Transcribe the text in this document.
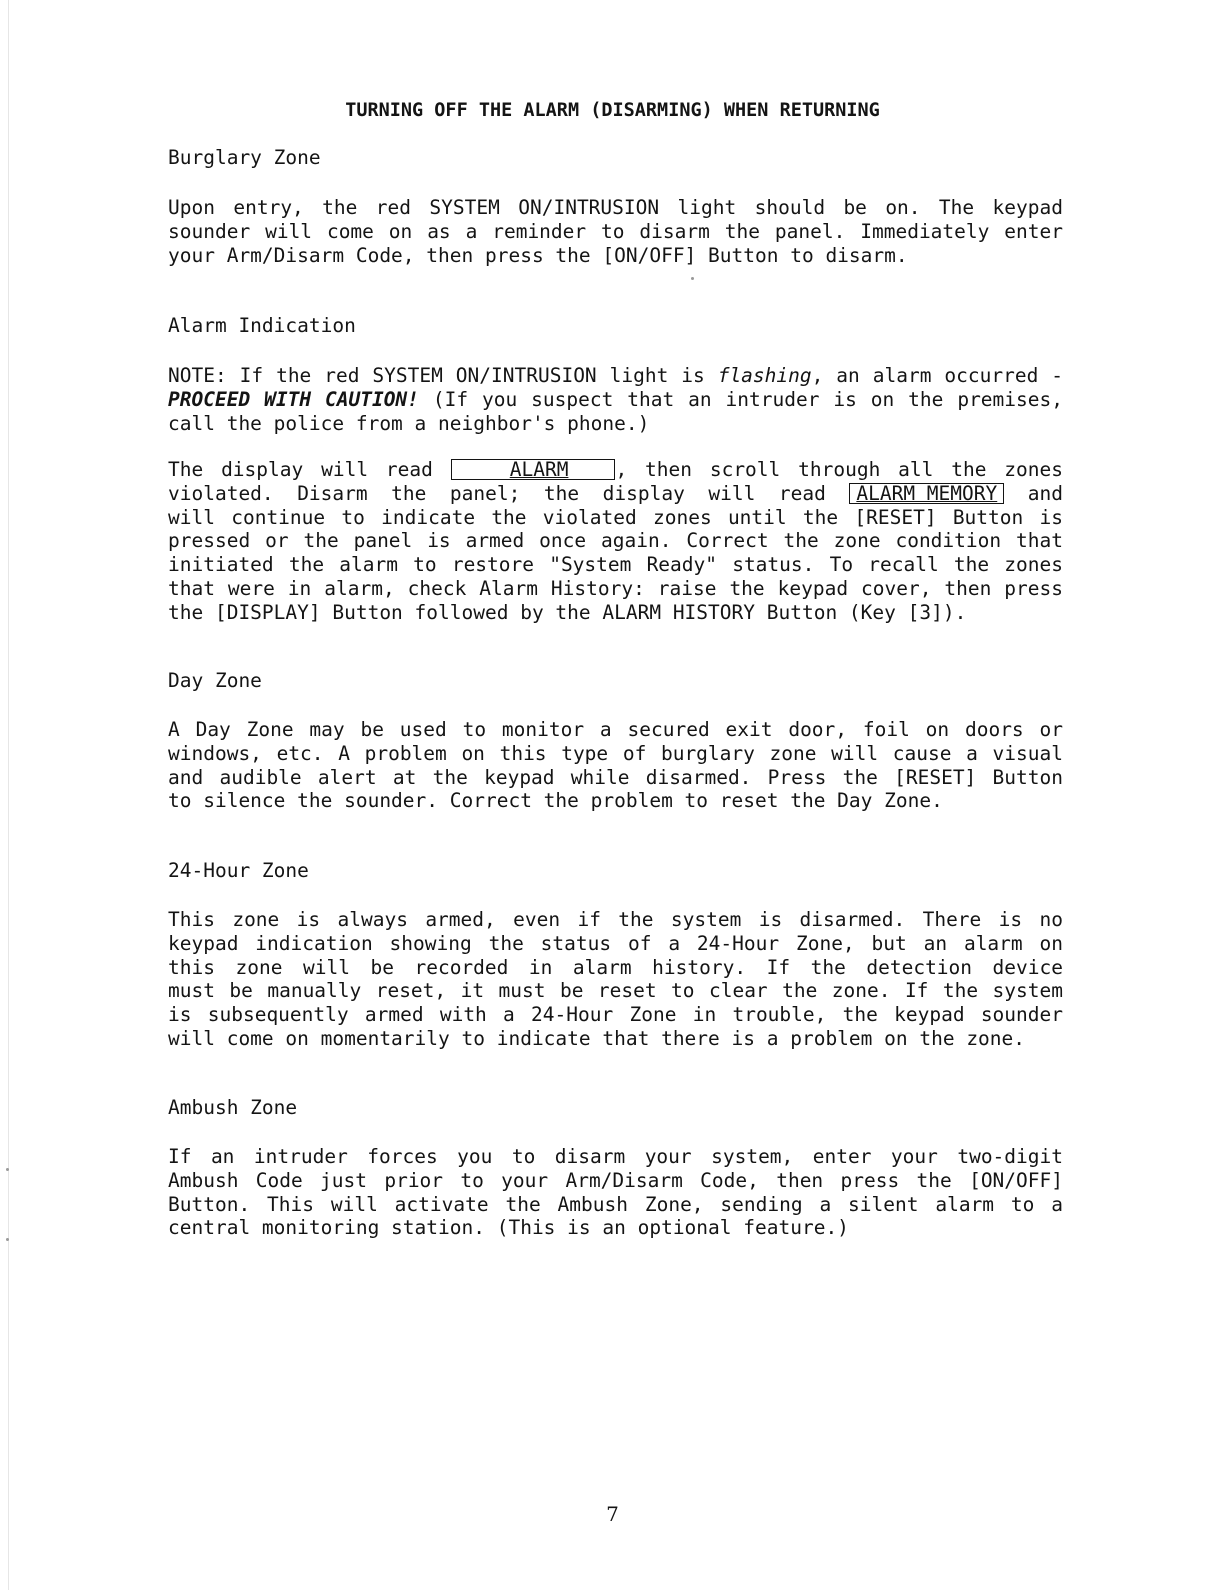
TURNING OFF THE ALARM (DISARMING) WHEN RETURNING
Burglary Zone
Upon entry, the red SYSTEM ON/INTRUSION light should be on. The keypad
sounder will come on as a reminder to disarm the panel. Immediately enter
your Arm/Disarm Code, then press the [ON/OFF] Button to disarm.
Alarm Indication
NOTE: If the red SYSTEM ON/INTRUSION light is flashing, an alarm occurred -
PROCEED WITH CAUTION! (If you suspect that an intruder is on the premises,
call the police from a neighbor's phone.)
The display will read	ALARM , then scroll through all the zones
violated. Disarm the panel; the display will read ALARM MEMORY and
will continue to indicate the violated zones until the [RESET] Button is
pressed or the panel is armed once again. Correct the zone condition that
initiated the alarm to restore "System Ready" status. To recall the zones
that were in alarm, check Alarm History: raise the keypad cover, then press
the [DISPLAY] Button followed by the ALARM HISTORY Button (Key [3]).
Day Zone
A Day Zone may be used to monitor a secured exit door, foil on doors or
windows, etc. A problem on this type of burglary zone will cause a visual
and audible alert at the keypad while disarmed. Press the [RESET] Button
to silence the sounder. Correct the problem to reset the Day Zone.
24-Hour Zone
This zone is always armed, even if the system is disarmed. There is no
keypad indication showing the status of a 24-Hour Zone, but an alarm on
this zone will be recorded in alarm history. If the detection device
must be manually reset, it must be reset to clear the zone. If the system
is subsequently armed with a 24-Hour Zone in trouble, the keypad sounder
will come on momentarily to indicate that there is a problem on the zone.
Ambush Zone
If an intruder forces you to disarm your system, enter your two-digit
Ambush Code just prior to your Arm/Disarm Code, then press the [ON/OFF]
Button. This will activate the Ambush Zone, sending a silent alarm to a
central monitoring station. (This is an optional feature.)
7
